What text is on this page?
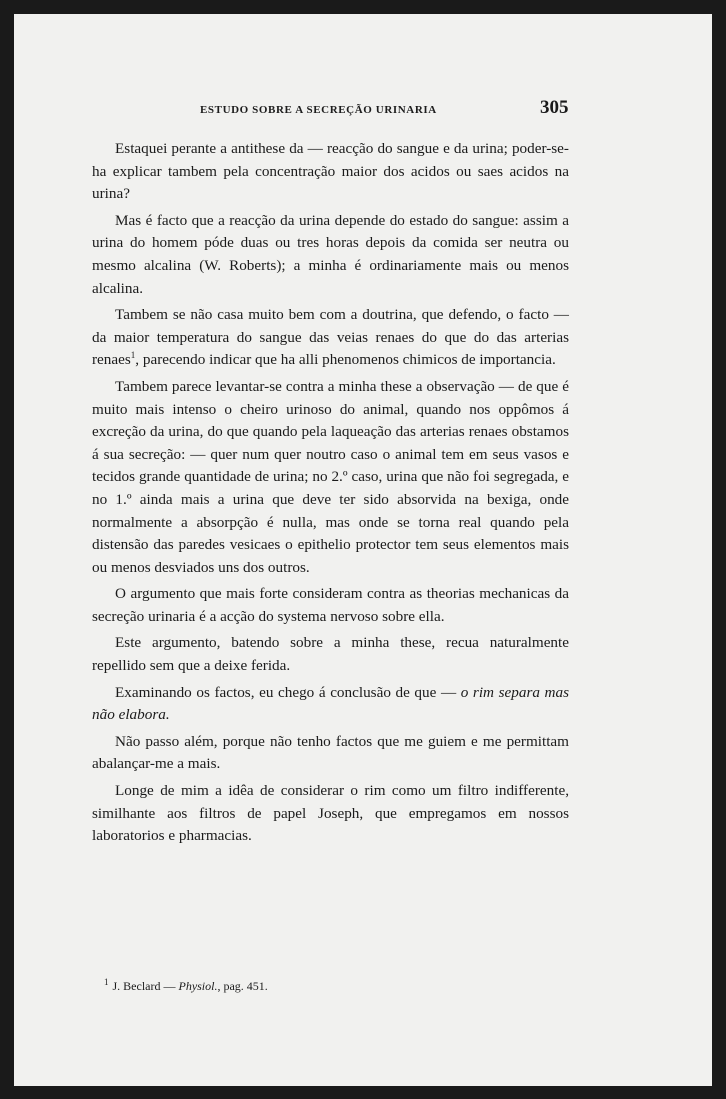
ESTUDO SOBRE A SECREÇÃO URINARIA	305

Estaquei perante a antithese da — reacção do sangue e da urina; poder-se-ha explicar tambem pela concentração maior dos acidos ou saes acidos na urina?

Mas é facto que a reacção da urina depende do estado do sangue: assim a urina do homem póde duas ou tres horas depois da comida ser neutra ou mesmo alcalina (W. Roberts); a minha é ordinariamente mais ou menos alcalina.

Tambem se não casa muito bem com a doutrina, que defendo, o facto — da maior temperatura do sangue das veias renaes do que do das arterias renaes$^1$, parecendo indicar que ha alli phenomenos chimicos de importancia.

Tambem parece levantar-se contra a minha these a observação — de que é muito mais intenso o cheiro urinoso do animal, quando nos oppômos á excreção da urina, do que quando pela laqueação das arterias renaes obstamos á sua secreção: — quer num quer noutro caso o animal tem em seus vasos e tecidos grande quantidade de urina; no 2.º caso, urina que não foi segregada, e no 1.º ainda mais a urina que deve ter sido absorvida na bexiga, onde normalmente a absorpção é nulla, mas onde se torna real quando pela distensão das paredes vesicaes o epithelio protector tem seus elementos mais ou menos desviados uns dos outros.

O argumento que mais forte consideram contra as theorias mechanicas da secreção urinaria é a acção do systema nervoso sobre ella.

Este argumento, batendo sobre a minha these, recua naturalmente repellido sem que a deixe ferida.

Examinando os factos, eu chego á conclusão de que — o rim separa mas não elabora.

Não passo além, porque não tenho factos que me guiem e me permittam abalançar-me a mais.

Longe de mim a idêa de considerar o rim como um filtro indifferente, similhante aos filtros de papel Joseph, que empregamos em nossos laboratorios e pharmacias.

$^1$ J. Beclard — Physiol., pag. 451.
